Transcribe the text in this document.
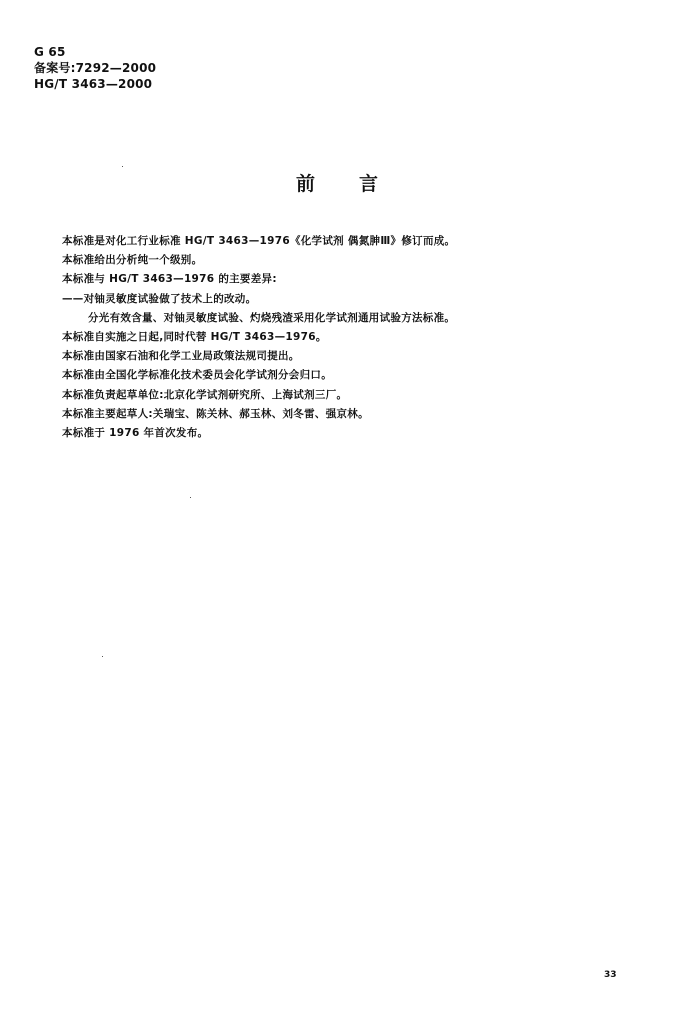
G 65
备案号:7292—2000
HG/T 3463—2000
前言

本标准是对化工行业标准 HG/T 3463—1976《化学试剂 偶氮胂Ⅲ》修订而成。

本标准给出分析纯一个级别。

本标准与 HG/T 3463—1976 的主要差异:

——对铀灵敏度试验做了技术上的改动。

分光有效含量、对铀灵敏度试验、灼烧残渣采用化学试剂通用试验方法标准。

本标准自实施之日起,同时代替 HG/T 3463—1976。

本标准由国家石油和化学工业局政策法规司提出。

本标准由全国化学标准化技术委员会化学试剂分会归口。

本标准负责起草单位:北京化学试剂研究所、上海试剂三厂。

本标准主要起草人:关瑞宝、陈关林、郝玉林、刘冬雷、强京林。

本标准于 1976 年首次发布。

33
